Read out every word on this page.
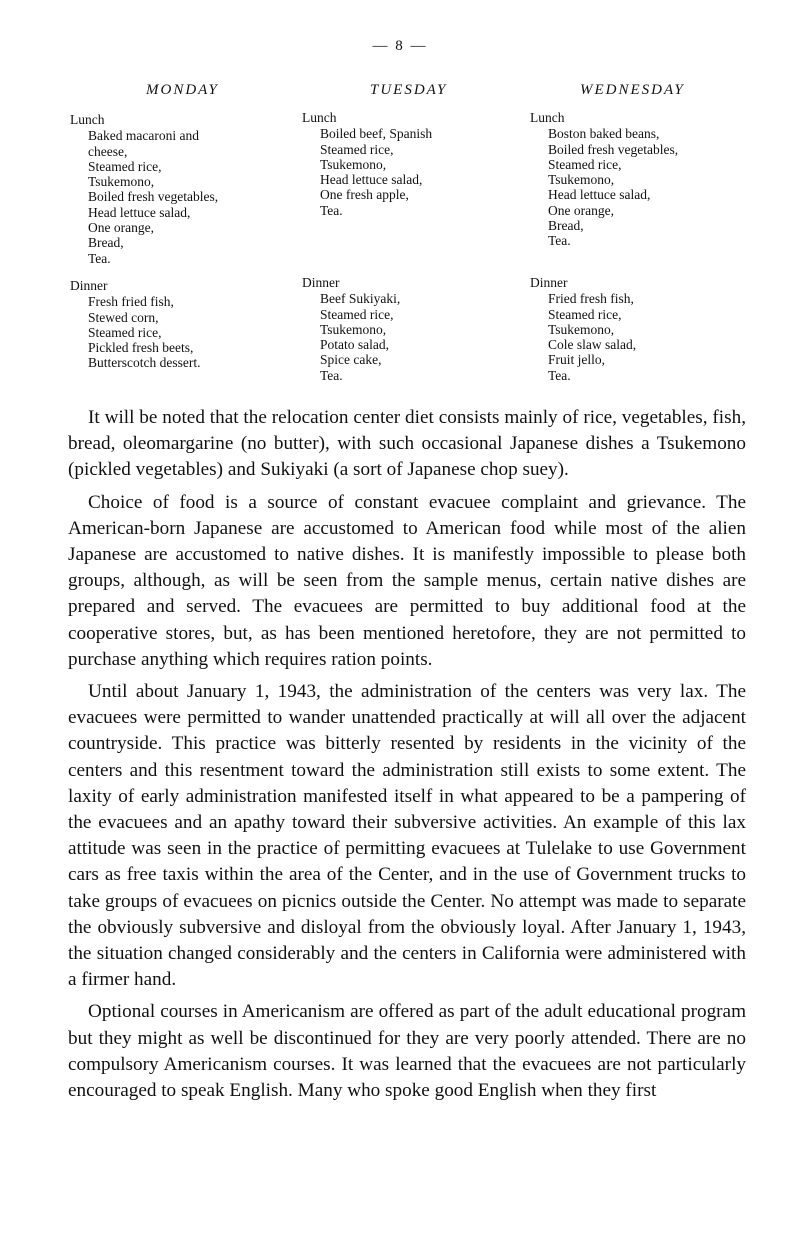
— 8 —
MONDAY	TUESDAY	WEDNESDAY
Lunch
Baked macaroni and
cheese,
Steamed rice,
Tsukemono,
Boiled fresh vegetables,
Head lettuce salad,
One orange,
Bread,
Tea.
Dinner
Fresh fried fish,
Stewed corn,
Steamed rice,
Pickled fresh beets,
Butterscotch dessert.
Lunch
Boiled beef, Spanish
Steamed rice,
Tsukemono,
Head lettuce salad,
One fresh apple,
Tea.
Dinner
Beef Sukiyaki,
Steamed rice,
Tsukemono,
Potato salad,
Spice cake,
Tea.
Lunch
Boston baked beans,
Boiled fresh vegetables,
Steamed rice,
Tsukemono,
Head lettuce salad,
One orange,
Bread,
Tea.
Dinner
Fried fresh fish,
Steamed rice,
Tsukemono,
Cole slaw salad,
Fruit jello,
Tea.

It will be noted that the relocation center diet consists mainly of rice, vegetables, fish, bread, oleomargarine (no butter), with such occasional Japanese dishes a Tsukemono (pickled vegetables) and Sukiyaki (a sort of Japanese chop suey).

Choice of food is a source of constant evacuee complaint and grievance. The American-born Japanese are accustomed to American food while most of the alien Japanese are accustomed to native dishes. It is manifestly impossible to please both groups, although, as will be seen from the sample menus, certain native dishes are prepared and served. The evacuees are permitted to buy additional food at the cooperative stores, but, as has been mentioned heretofore, they are not permitted to purchase anything which requires ration points.

Until about January 1, 1943, the administration of the centers was very lax. The evacuees were permitted to wander unattended practically at will all over the adjacent countryside. This practice was bitterly resented by residents in the vicinity of the centers and this resentment toward the administration still exists to some extent. The laxity of early administration manifested itself in what appeared to be a pampering of the evacuees and an apathy toward their subversive activities. An example of this lax attitude was seen in the practice of permitting evacuees at Tulelake to use Government cars as free taxis within the area of the Center, and in the use of Government trucks to take groups of evacuees on picnics outside the Center. No attempt was made to separate the obviously subversive and disloyal from the obviously loyal. After January 1, 1943, the situation changed considerably and the centers in California were administered with a firmer hand.

Optional courses in Americanism are offered as part of the adult educational program but they might as well be discontinued for they are very poorly attended. There are no compulsory Americanism courses. It was learned that the evacuees are not particularly encouraged to speak English. Many who spoke good English when they first
